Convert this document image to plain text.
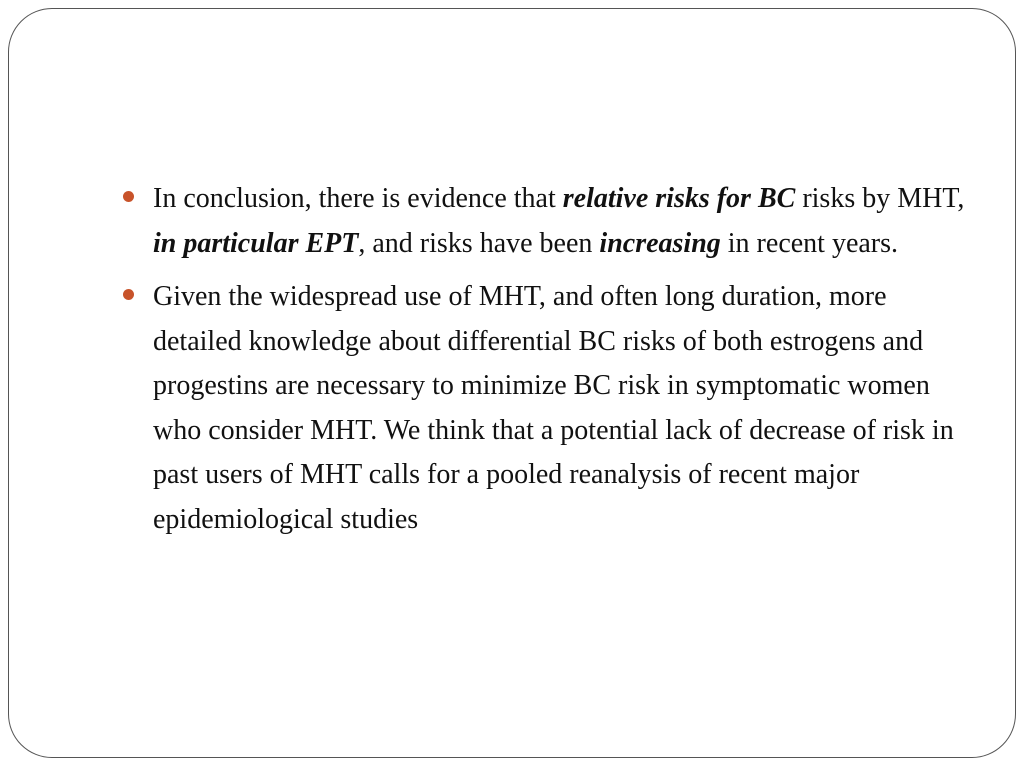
In conclusion, there is evidence that relative risks for BC risks by MHT, in particular EPT, and risks have been increasing in recent years.
Given the widespread use of MHT, and often long duration, more detailed knowledge about differential BC risks of both estrogens and progestins are necessary to minimize BC risk in symptomatic women who consider MHT. We think that a potential lack of decrease of risk in past users of MHT calls for a pooled reanalysis of recent major epidemiological studies
